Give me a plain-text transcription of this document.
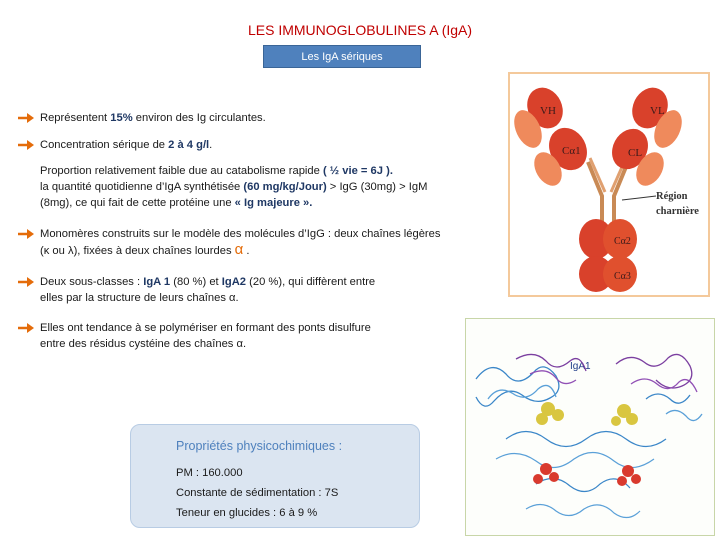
LES IMMUNOGLOBULINES A (IgA)
Les IgA sériques
Représentent 15% environ des Ig circulantes.
Concentration sérique de 2 à 4 g/l.
Proportion relativement faible due au catabolisme rapide ( ½ vie = 6J ).
la quantité quotidienne d’IgA synthétisée (60 mg/kg/Jour) > IgG (30mg) > IgM
(8mg), ce qui fait de cette protéine une « Ig majeure ».
Monomères construits sur le modèle des molécules d’IgG : deux chaînes légères
(κ ou λ), fixées à deux chaînes lourdes α .
Deux sous-classes : IgA 1 (80 %) et IgA2 (20 %), qui diffèrent entre
elles par la structure de leurs chaînes α.
Elles ont tendance à se polymériser en formant des ponts disulfure
entre des résidus cystéine des chaînes α.
VH	VL
Cα1	CL
Cα2
Cα3
Région
charnière
IgA1
Propriétés physicochimiques :
PM : 160.000
Constante de sédimentation : 7S
Teneur en glucides : 6 à 9 %
